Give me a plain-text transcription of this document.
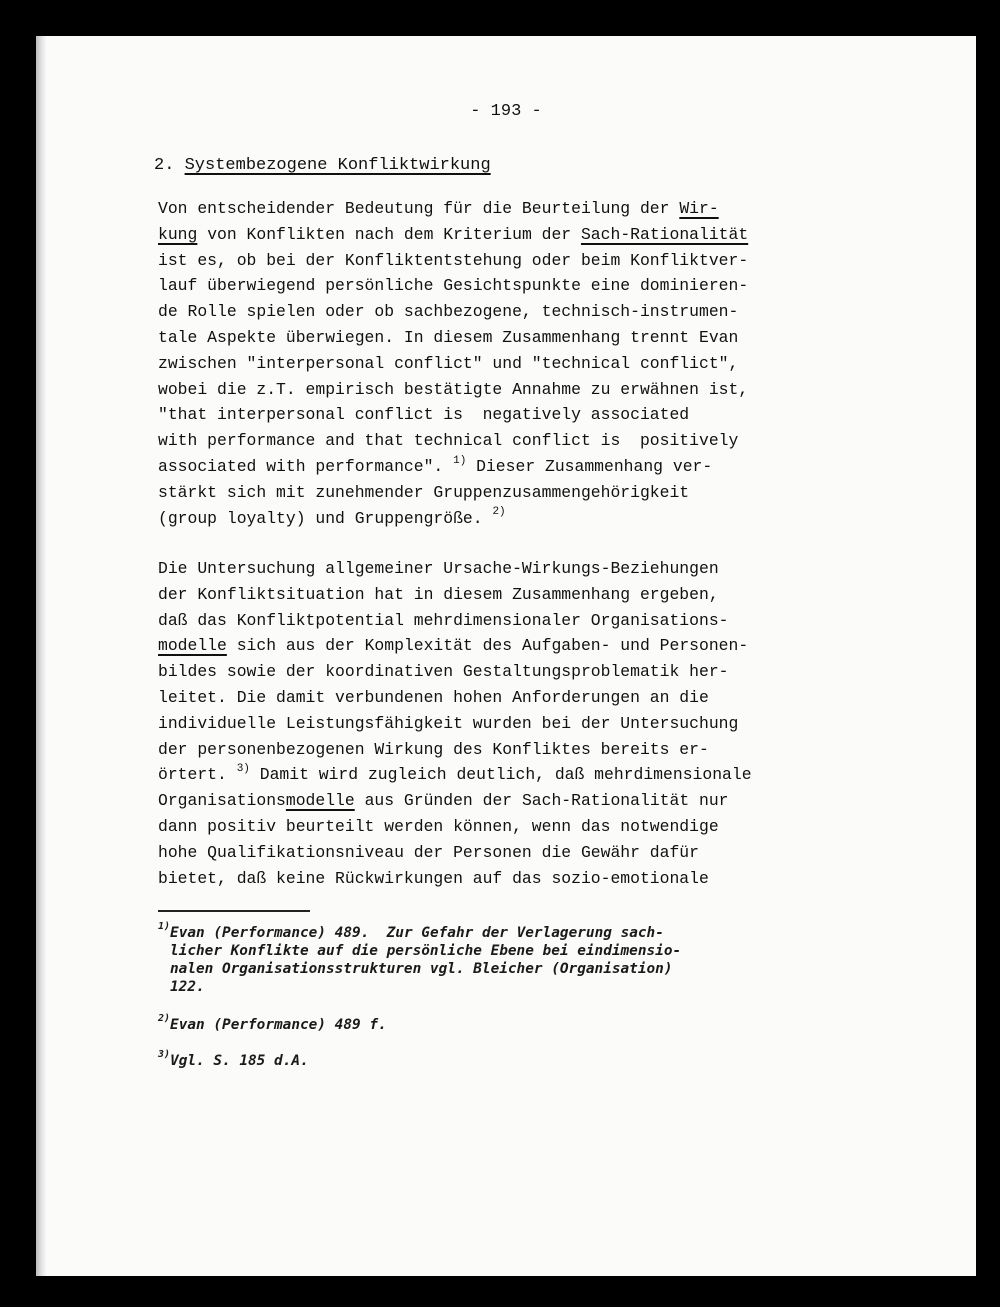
- 193 -
2. Systembezogene Konfliktwirkung
Von entscheidender Bedeutung für die Beurteilung der Wir-
kung von Konflikten nach dem Kriterium der Sach-Rationalität
ist es, ob bei der Konfliktentstehung oder beim Konfliktver-
lauf überwiegend persönliche Gesichtspunkte eine dominieren-
de Rolle spielen oder ob sachbezogene, technisch-instrumen-
tale Aspekte überwiegen. In diesem Zusammenhang trennt Evan
zwischen "interpersonal conflict" und "technical conflict",
wobei die z.T. empirisch bestätigte Annahme zu erwähnen ist,
"that interpersonal conflict is  negatively associated
with performance and that technical conflict is  positively
associated with performance". $^{1)}$ Dieser Zusammenhang ver-
stärkt sich mit zunehmender Gruppenzusammengehörigkeit
(group loyalty) und Gruppengröße. $^{2)}$
Die Untersuchung allgemeiner Ursache-Wirkungs-Beziehungen
der Konfliktsituation hat in diesem Zusammenhang ergeben,
daß das Konfliktpotential mehrdimensionaler Organisations-
modelle sich aus der Komplexität des Aufgaben- und Personen-
bildes sowie der koordinativen Gestaltungsproblematik her-
leitet. Die damit verbundenen hohen Anforderungen an die
individuelle Leistungsfähigkeit wurden bei der Untersuchung
der personenbezogenen Wirkung des Konfliktes bereits er-
örtert. $^{3)}$ Damit wird zugleich deutlich, daß mehrdimensionale
Organisationsmodelle aus Gründen der Sach-Rationalität nur
dann positiv beurteilt werden können, wenn das notwendige
hohe Qualifikationsniveau der Personen die Gewähr dafür
bietet, daß keine Rückwirkungen auf das sozio-emotionale
$^{1)}$Evan (Performance) 489.  Zur Gefahr der Verlagerung sach-
licher Konflikte auf die persönliche Ebene bei eindimensio-
nalen Organisationsstrukturen vgl. Bleicher (Organisation)
122.
$^{2)}$Evan (Performance) 489 f.
$^{3)}$Vgl. S. 185 d.A.
